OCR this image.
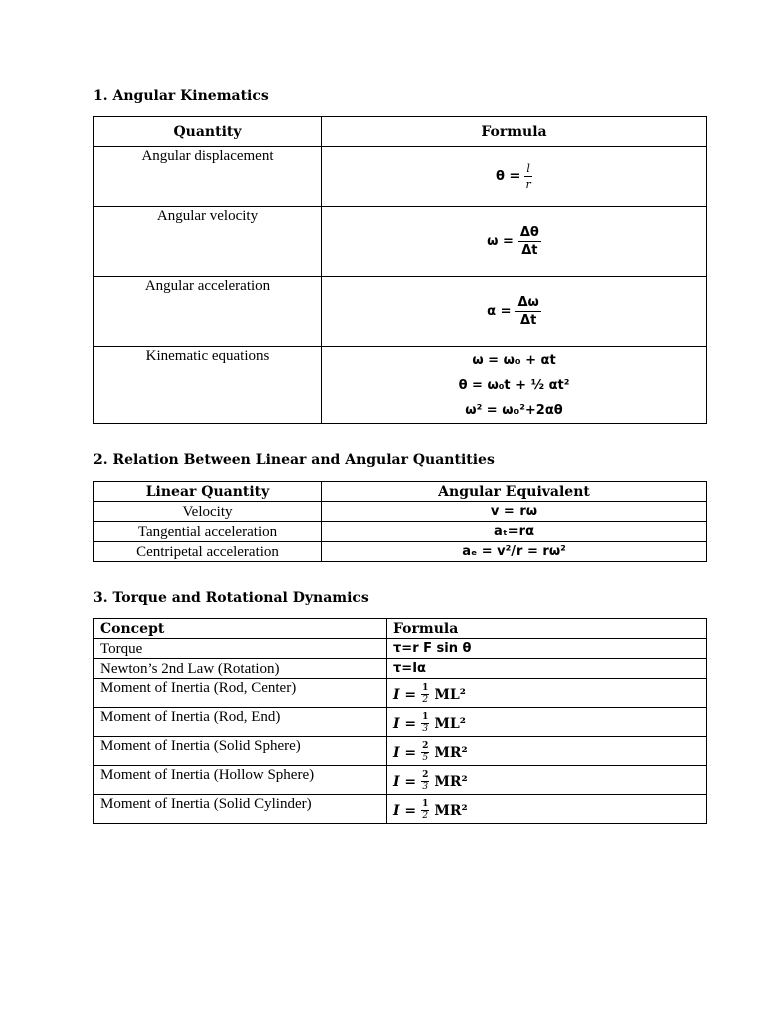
1. Angular Kinematics

Quantity	Formula
Angular displacement	$\theta = \frac{l}{r}$

Angular velocity	$\omega = \frac{\Delta\theta}{\Delta t}$

Angular acceleration	$\alpha = \frac{\Delta\omega}{\Delta t}$

Kinematic equations	ω = ω₀ + αt
θ = ω₀t + ½ αt²
ω² = ω₀²+2αθ

2. Relation Between Linear and Angular Quantities

Linear Quantity	Angular Equivalent
Velocity	v = rω
Tangential acceleration	aₜ=rα
Centripetal acceleration	aₑ = v²/r = rω²

3. Torque and Rotational Dynamics

Concept	Formula
Torque	τ=r F sin θ
Newton’s 2nd Law (Rotation)	τ=Iα
Moment of Inertia (Rod, Center)	$I = \frac{1}{2} ML^2$

Moment of Inertia (Rod, End)	$I = \frac{1}{3} ML^2$

Moment of Inertia (Solid Sphere)	$I = \frac{2}{5} MR^2$

Moment of Inertia (Hollow Sphere)	$I = \frac{2}{3} MR^2$

Moment of Inertia (Solid Cylinder)	$I = \frac{1}{2} MR^2$
